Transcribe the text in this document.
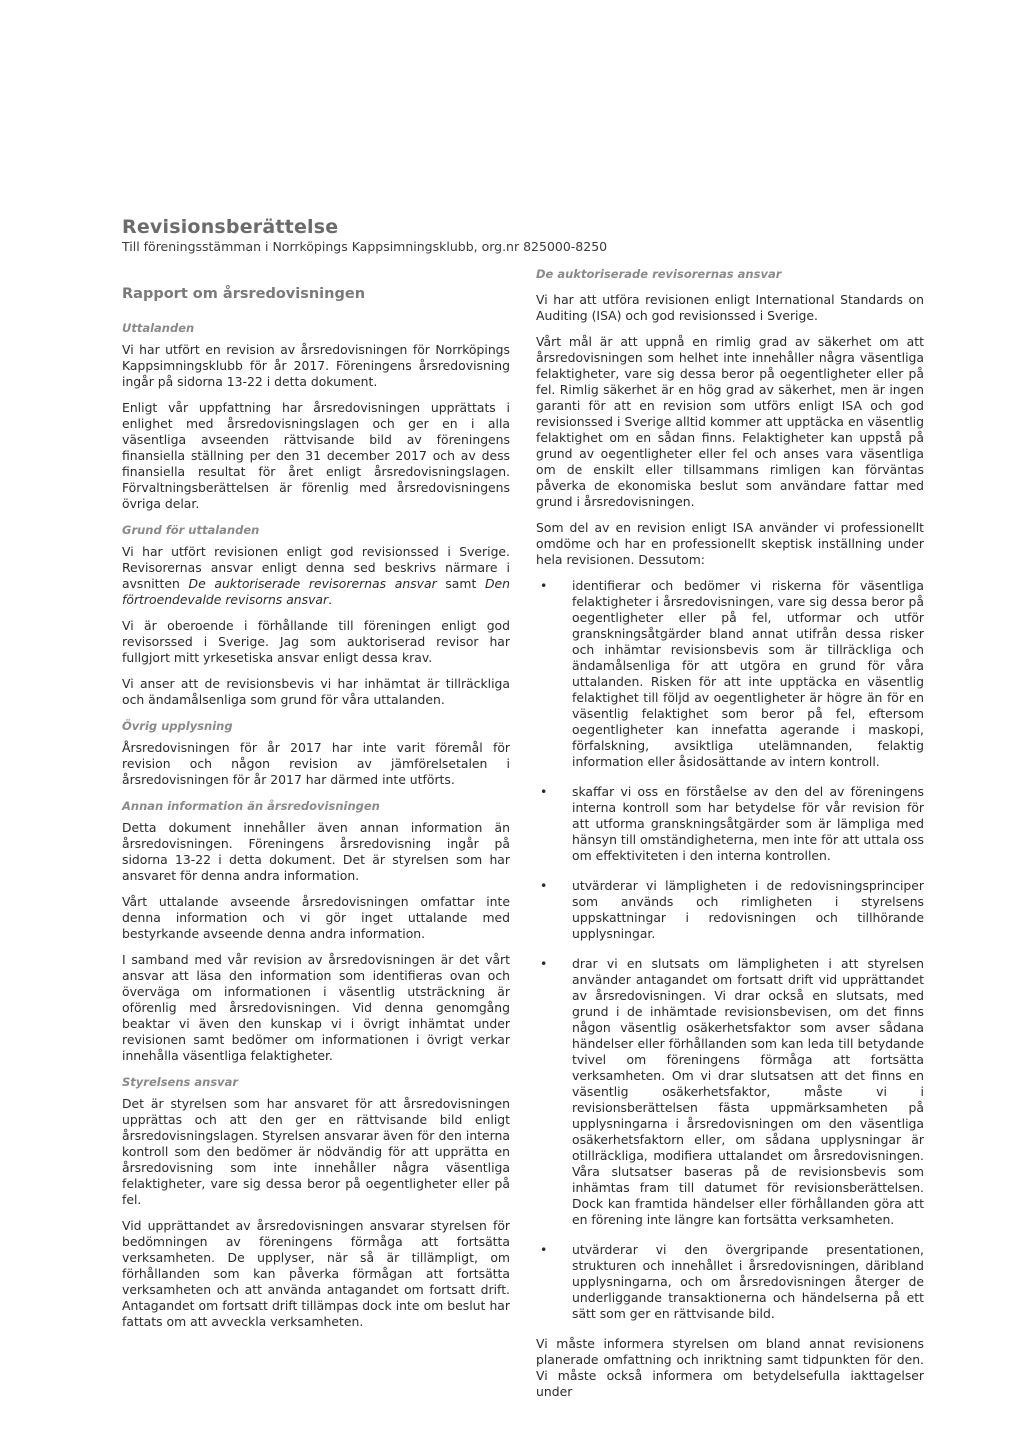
Revisionsberättelse
Till föreningsstämman i Norrköpings Kappsimningsklubb, org.nr 825000-8250
Rapport om årsredovisningen
Uttalanden

Vi har utfört en revision av årsredovisningen för Norrköpings Kappsimningsklubb för år 2017. Föreningens årsredovisning ingår på sidorna 13-22 i detta dokument.

Enligt vår uppfattning har årsredovisningen upprättats i enlighet med årsredovisningslagen och ger en i alla väsentliga avseenden rättvisande bild av föreningens finansiella ställning per den 31 december 2017 och av dess finansiella resultat för året enligt årsredovisningslagen. Förvaltningsberättelsen är förenlig med årsredovisningens övriga delar.

Grund för uttalanden

Vi har utfört revisionen enligt god revisionssed i Sverige. Revisorernas ansvar enligt denna sed beskrivs närmare i avsnitten De auktoriserade revisorernas ansvar samt Den förtroendevalde revisorns ansvar.

Vi är oberoende i förhållande till föreningen enligt god revisorssed i Sverige. Jag som auktoriserad revisor har fullgjort mitt yrkesetiska ansvar enligt dessa krav.

Vi anser att de revisionsbevis vi har inhämtat är tillräckliga och ändamålsenliga som grund för våra uttalanden.

Övrig upplysning

Årsredovisningen för år 2017 har inte varit föremål för revision och någon revision av jämförelsetalen i årsredovisningen för år 2017 har därmed inte utförts.

Annan information än årsredovisningen

Detta dokument innehåller även annan information än årsredovisningen. Föreningens årsredovisning ingår på sidorna 13-22 i detta dokument. Det är styrelsen som har ansvaret för denna andra information.

Vårt uttalande avseende årsredovisningen omfattar inte denna information och vi gör inget uttalande med bestyrkande avseende denna andra information.

I samband med vår revision av årsredovisningen är det vårt ansvar att läsa den information som identifieras ovan och överväga om informationen i väsentlig utsträckning är oförenlig med årsredovisningen. Vid denna genomgång beaktar vi även den kunskap vi i övrigt inhämtat under revisionen samt bedömer om informationen i övrigt verkar innehålla väsentliga felaktigheter.

Styrelsens ansvar

Det är styrelsen som har ansvaret för att årsredovisningen upprättas och att den ger en rättvisande bild enligt årsredovisningslagen. Styrelsen ansvarar även för den interna kontroll som den bedömer är nödvändig för att upprätta en årsredovisning som inte innehåller några väsentliga felaktigheter, vare sig dessa beror på oegentligheter eller på fel.

Vid upprättandet av årsredovisningen ansvarar styrelsen för bedömningen av föreningens förmåga att fortsätta verksamheten. De upplyser, när så är tillämpligt, om förhållanden som kan påverka förmågan att fortsätta verksamheten och att använda antagandet om fortsatt drift. Antagandet om fortsatt drift tillämpas dock inte om beslut har fattats om att avveckla verksamheten.

De auktoriserade revisorernas ansvar

Vi har att utföra revisionen enligt International Standards on Auditing (ISA) och god revisionssed i Sverige.

Vårt mål är att uppnå en rimlig grad av säkerhet om att årsredovisningen som helhet inte innehåller några väsentliga felaktigheter, vare sig dessa beror på oegentligheter eller på fel. Rimlig säkerhet är en hög grad av säkerhet, men är ingen garanti för att en revision som utförs enligt ISA och god revisionssed i Sverige alltid kommer att upptäcka en väsentlig felaktighet om en sådan finns. Felaktigheter kan uppstå på grund av oegentligheter eller fel och anses vara väsentliga om de enskilt eller tillsammans rimligen kan förväntas påverka de ekonomiska beslut som användare fattar med grund i årsredovisningen.

Som del av en revision enligt ISA använder vi professionellt omdöme och har en professionellt skeptisk inställning under hela revisionen. Dessutom:

• identifierar och bedömer vi riskerna för väsentliga felaktigheter i årsredovisningen, vare sig dessa beror på oegentligheter eller på fel, utformar och utför granskningsåtgärder bland annat utifrån dessa risker och inhämtar revisionsbevis som är tillräckliga och ändamålsenliga för att utgöra en grund för våra uttalanden. Risken för att inte upptäcka en väsentlig felaktighet till följd av oegentligheter är högre än för en väsentlig felaktighet som beror på fel, eftersom oegentligheter kan innefatta agerande i maskopi, förfalskning, avsiktliga utelämnanden, felaktig information eller åsidosättande av intern kontroll.
• skaffar vi oss en förståelse av den del av föreningens interna kontroll som har betydelse för vår revision för att utforma granskningsåtgärder som är lämpliga med hänsyn till omständigheterna, men inte för att uttala oss om effektiviteten i den interna kontrollen.
• utvärderar vi lämpligheten i de redovisningsprinciper som används och rimligheten i styrelsens uppskattningar i redovisningen och tillhörande upplysningar.
• drar vi en slutsats om lämpligheten i att styrelsen använder antagandet om fortsatt drift vid upprättandet av årsredovisningen. Vi drar också en slutsats, med grund i de inhämtade revisionsbevisen, om det finns någon väsentlig osäkerhetsfaktor som avser sådana händelser eller förhållanden som kan leda till betydande tvivel om föreningens förmåga att fortsätta verksamheten. Om vi drar slutsatsen att det finns en väsentlig osäkerhetsfaktor, måste vi i revisionsberättelsen fästa uppmärksamheten på upplysningarna i årsredovisningen om den väsentliga osäkerhetsfaktorn eller, om sådana upplysningar är otillräckliga, modifiera uttalandet om årsredovisningen. Våra slutsatser baseras på de revisionsbevis som inhämtas fram till datumet för revisionsberättelsen. Dock kan framtida händelser eller förhållanden göra att en förening inte längre kan fortsätta verksamheten.
• utvärderar vi den övergripande presentationen, strukturen och innehållet i årsredovisningen, däribland upplysningarna, och om årsredovisningen återger de underliggande transaktionerna och händelserna på ett sätt som ger en rättvisande bild.

Vi måste informera styrelsen om bland annat revisionens planerade omfattning och inriktning samt tidpunkten för den. Vi måste också informera om betydelsefulla iakttagelser under
